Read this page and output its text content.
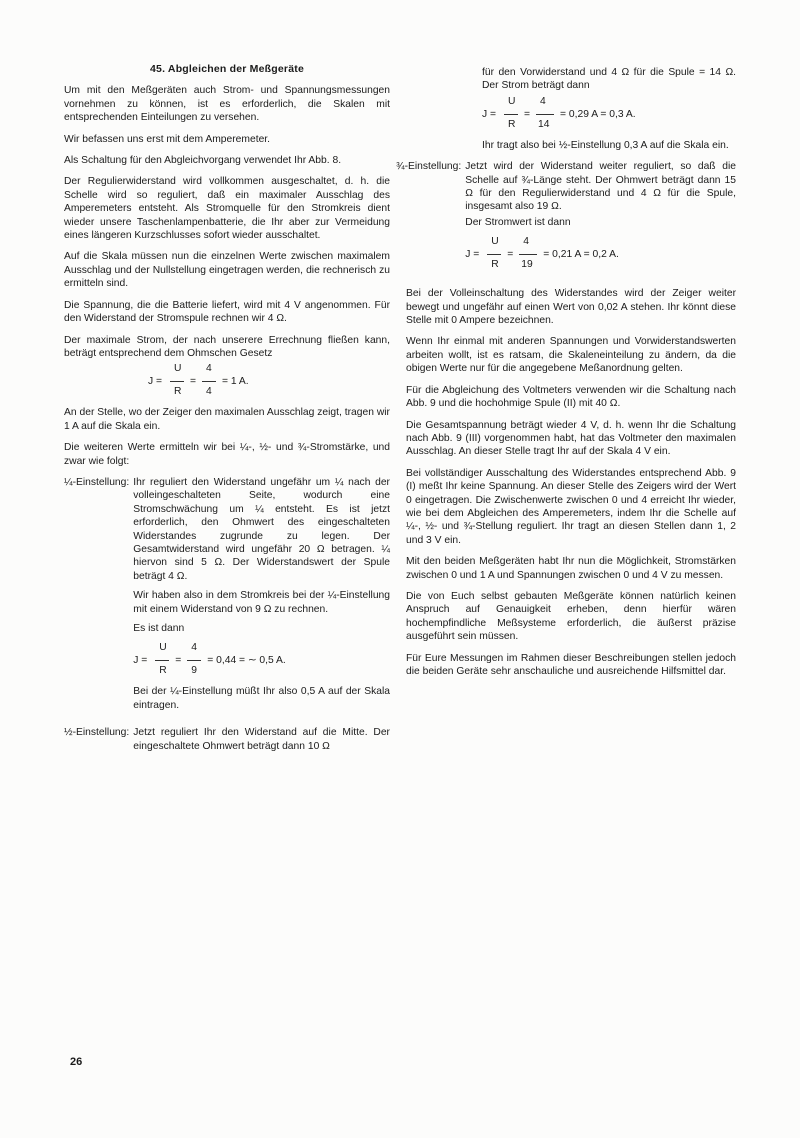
45. Abgleichen der Meßgeräte

Um mit den Meßgeräten auch Strom- und Spannungsmessungen vornehmen zu können, ist es erforderlich, die Skalen mit entsprechenden Einteilungen zu versehen.

Wir befassen uns erst mit dem Amperemeter.

Als Schaltung für den Abgleichvorgang verwendet Ihr Abb. 8.

Der Regulierwiderstand wird vollkommen ausgeschaltet, d. h. die Schelle wird so reguliert, daß ein maximaler Ausschlag des Amperemeters entsteht. Als Stromquelle für den Stromkreis dient wieder unsere Taschenlampenbatterie, die Ihr aber zur Vermeidung eines längeren Kurzschlusses sofort wieder ausschaltet.

Auf die Skala müssen nun die einzelnen Werte zwischen maximalem Ausschlag und der Nullstellung eingetragen werden, die rechnerisch zu ermitteln sind.

Die Spannung, die die Batterie liefert, wird mit 4 V angenommen. Für den Widerstand der Stromspule rechnen wir 4 Ω.

Der maximale Strom, der nach unserere Errechnung fließen kann, beträgt entsprechend dem Ohmschen Gesetz

J =
U
R
=
4
4
= 1 A.

An der Stelle, wo der Zeiger den maximalen Ausschlag zeigt, tragen wir 1 A auf die Skala ein.

Die weiteren Werte ermitteln wir bei ¼-, ½- und ¾-Stromstärke, und zwar wie folgt:

¼-Einstellung: Ihr reguliert den Widerstand ungefähr um ¼ nach der volleingeschalteten Seite, wodurch eine Stromschwächung um ¼ entsteht. Es ist jetzt erforderlich, den Ohmwert des eingeschalteten Widerstandes zugrunde zu legen. Der Gesamtwiderstand wird ungefähr 20 Ω betragen. ¼ hiervon sind 5 Ω. Der Widerstandswert der Spule beträgt 4 Ω.

Wir haben also in dem Stromkreis bei der ¼-Einstellung mit einem Widerstand von 9 Ω zu rechnen.

Es ist dann

J =
U
R
=
4
9
= 0,44 = ∼ 0,5 A.

Bei der ¼-Einstellung müßt Ihr also 0,5 A auf der Skala eintragen.

½-Einstellung: Jetzt reguliert Ihr den Widerstand auf die Mitte. Der eingeschaltete Ohmwert beträgt dann 10 Ω

für den Vorwiderstand und 4 Ω für die Spule = 14 Ω. Der Strom beträgt dann

J =
U
R
=
4
14
= 0,29 A = 0,3 A.

Ihr tragt also bei ½-Einstellung 0,3 A auf die Skala ein.

¾-Einstellung: Jetzt wird der Widerstand weiter reguliert, so daß die Schelle auf ¾-Länge steht. Der Ohmwert beträgt dann 15 Ω für den Regulierwiderstand und 4 Ω für die Spule, insgesamt also 19 Ω.

Der Stromwert ist dann

J =
U
R
=
4
19
= 0,21 A = 0,2 A.

Bei der Volleinschaltung des Widerstandes wird der Zeiger weiter bewegt und ungefähr auf einen Wert von 0,02 A stehen. Ihr könnt diese Stelle mit 0 Ampere bezeichnen.

Wenn Ihr einmal mit anderen Spannungen und Vorwiderstandswerten arbeiten wollt, ist es ratsam, die Skaleneinteilung zu ändern, da die obigen Werte nur für die angegebene Meßanordnung gelten.

Für die Abgleichung des Voltmeters verwenden wir die Schaltung nach Abb. 9 und die hochohmige Spule (II) mit 40 Ω.

Die Gesamtspannung beträgt wieder 4 V, d. h. wenn Ihr die Schaltung nach Abb. 9 (III) vorgenommen habt, hat das Voltmeter den maximalen Ausschlag. An dieser Stelle tragt Ihr auf der Skala 4 V ein.

Bei vollständiger Ausschaltung des Widerstandes entsprechend Abb. 9 (I) meßt Ihr keine Spannung. An dieser Stelle des Zeigers wird der Wert 0 eingetragen. Die Zwischenwerte zwischen 0 und 4 erreicht Ihr wieder, wie bei dem Abgleichen des Amperemeters, indem Ihr die Schelle auf ¼-, ½- und ¾-Stellung reguliert. Ihr tragt an diesen Stellen dann 1, 2 und 3 V ein.

Mit den beiden Meßgeräten habt Ihr nun die Möglichkeit, Stromstärken zwischen 0 und 1 A und Spannungen zwischen 0 und 4 V zu messen.

Die von Euch selbst gebauten Meßgeräte können natürlich keinen Anspruch auf Genauigkeit erheben, denn hierfür wären hochempfindliche Meßsysteme erforderlich, die äußerst präzise ausgeführt sein müssen.

Für Eure Messungen im Rahmen dieser Beschreibungen stellen jedoch die beiden Geräte sehr anschauliche und ausreichende Hilfsmittel dar.

26
